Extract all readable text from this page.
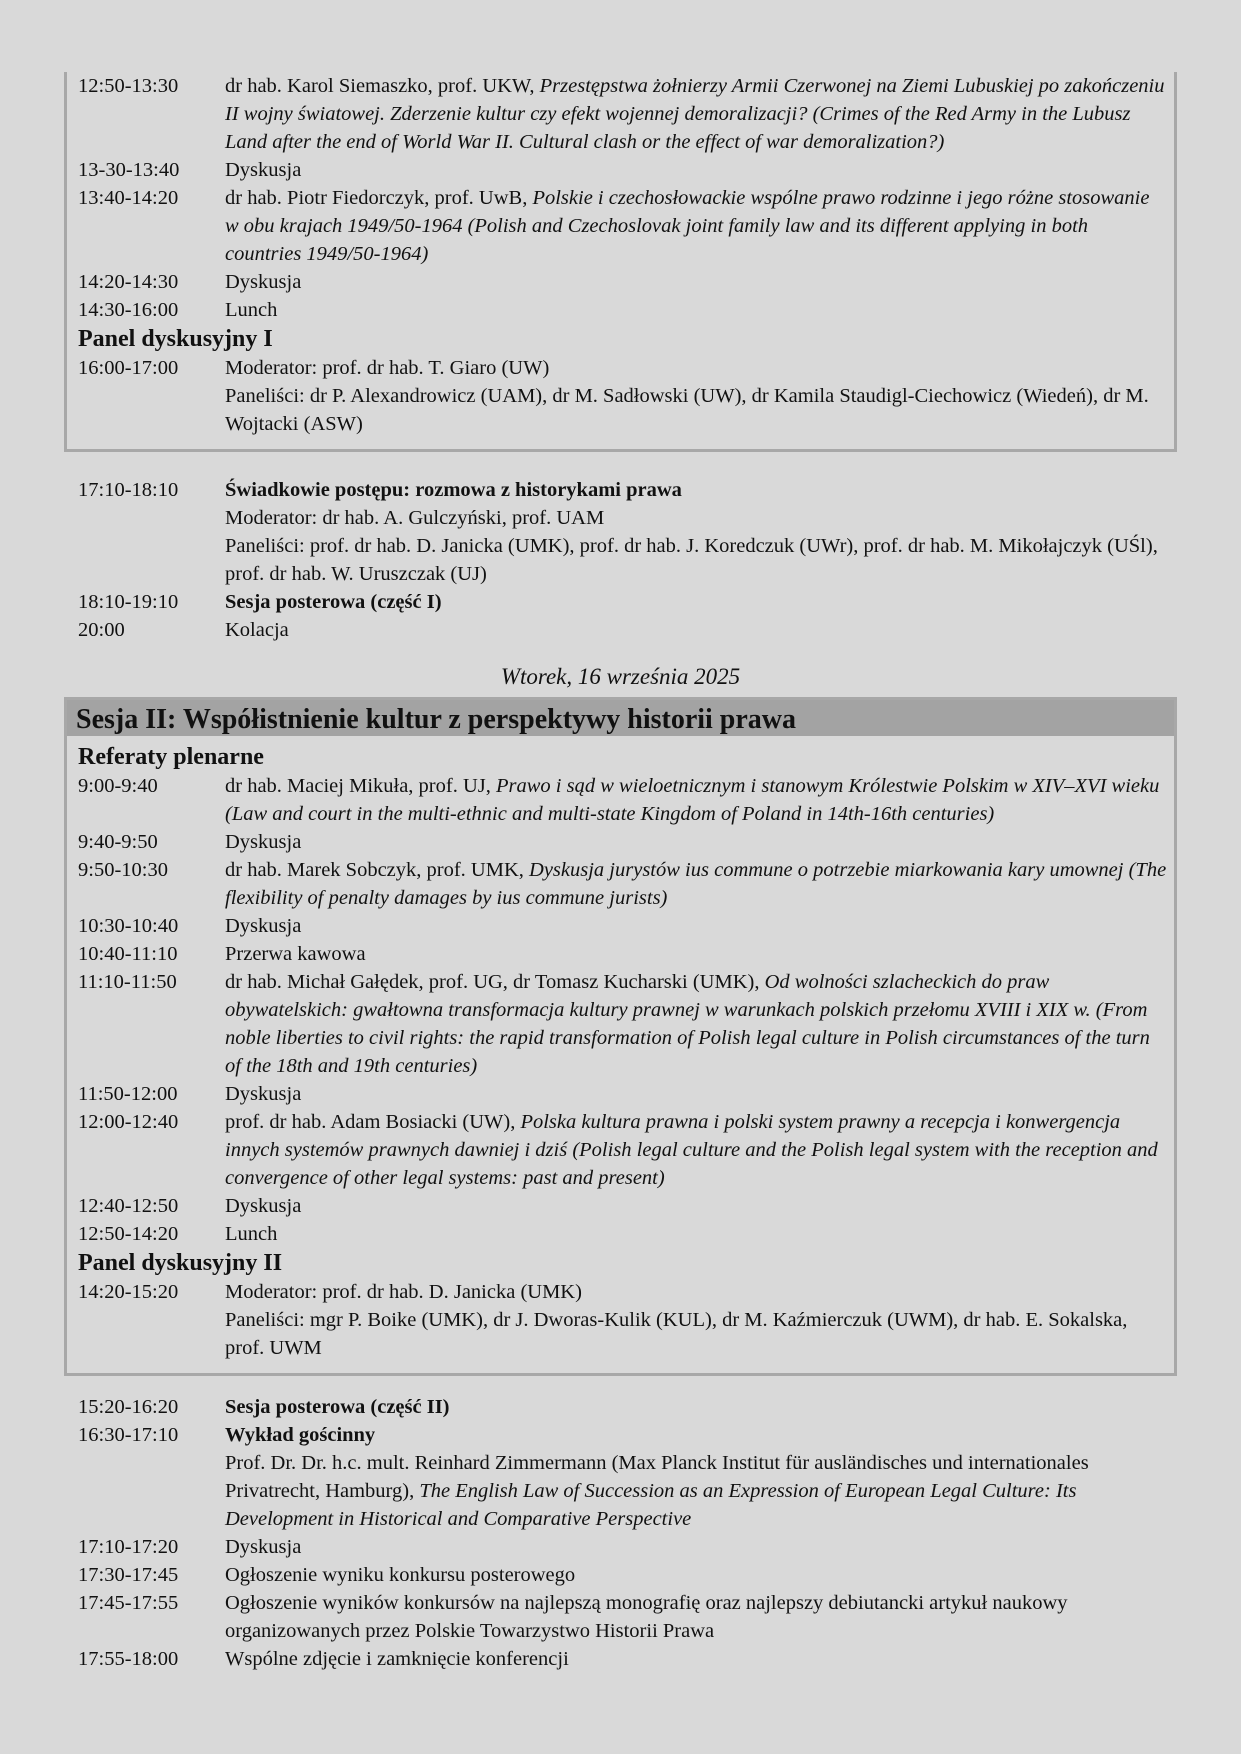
12:50-13:30	dr hab. Karol Siemaszko, prof. UKW, Przestępstwa żołnierzy Armii Czerwonej na Ziemi Lubuskiej po zakończeniu II wojny światowej. Zderzenie kultur czy efekt wojennej demoralizacji? (Crimes of the Red Army in the Lubusz Land after the end of World War II. Cultural clash or the effect of war demoralization?)
13-30-13:40	Dyskusja
13:40-14:20	dr hab. Piotr Fiedorczyk, prof. UwB, Polskie i czechosłowackie wspólne prawo rodzinne i jego różne stosowanie w obu krajach 1949/50-1964 (Polish and Czechoslovak joint family law and its different applying in both countries 1949/50-1964)
14:20-14:30	Dyskusja
14:30-16:00	Lunch
Panel dyskusyjny I
16:00-17:00	Moderator: prof. dr hab. T. Giaro (UW)
Paneliści: dr P. Alexandrowicz (UAM), dr M. Sadłowski (UW), dr Kamila Staudigl-Ciechowicz (Wiedeń), dr M. Wojtacki (ASW)
17:10-18:10	Świadkowie postępu: rozmowa z historykami prawa
Moderator: dr hab. A. Gulczyński, prof. UAM
Paneliści: prof. dr hab. D. Janicka (UMK), prof. dr hab. J. Koredczuk (UWr), prof. dr hab. M. Mikołajczyk (UŚl), prof. dr hab. W. Uruszczak (UJ)
18:10-19:10	Sesja posterowa (część I)
20:00	Kolacja
Wtorek, 16 września 2025
Sesja II: Współistnienie kultur z perspektywy historii prawa
Referaty plenarne
9:00-9:40	dr hab. Maciej Mikuła, prof. UJ, Prawo i sąd w wieloetnicznym i stanowym Królestwie Polskim w XIV–XVI wieku (Law and court in the multi-ethnic and multi-state Kingdom of Poland in 14th-16th centuries)
9:40-9:50	Dyskusja
9:50-10:30	dr hab. Marek Sobczyk, prof. UMK, Dyskusja jurystów ius commune o potrzebie miarkowania kary umownej (The flexibility of penalty damages by ius commune jurists)
10:30-10:40	Dyskusja
10:40-11:10	Przerwa kawowa
11:10-11:50	dr hab. Michał Gałędek, prof. UG, dr Tomasz Kucharski (UMK), Od wolności szlacheckich do praw obywatelskich: gwałtowna transformacja kultury prawnej w warunkach polskich przełomu XVIII i XIX w. (From noble liberties to civil rights: the rapid transformation of Polish legal culture in Polish circumstances of the turn of the 18th and 19th centuries)
11:50-12:00	Dyskusja
12:00-12:40	prof. dr hab. Adam Bosiacki (UW), Polska kultura prawna i polski system prawny a recepcja i konwergencja innych systemów prawnych dawniej i dziś (Polish legal culture and the Polish legal system with the reception and convergence of other legal systems: past and present)
12:40-12:50	Dyskusja
12:50-14:20	Lunch
Panel dyskusyjny II
14:20-15:20	Moderator: prof. dr hab. D. Janicka (UMK)
Paneliści: mgr P. Boike (UMK), dr J. Dworas-Kulik (KUL), dr M. Kaźmierczuk (UWM), dr hab. E. Sokalska, prof. UWM
15:20-16:20	Sesja posterowa (część II)
16:30-17:10	Wykład gościnny
Prof. Dr. Dr. h.c. mult. Reinhard Zimmermann (Max Planck Institut für ausländisches und internationales Privatrecht, Hamburg), The English Law of Succession as an Expression of European Legal Culture: Its Development in Historical and Comparative Perspective
17:10-17:20	Dyskusja
17:30-17:45	Ogłoszenie wyniku konkursu posterowego
17:45-17:55	Ogłoszenie wyników konkursów na najlepszą monografię oraz najlepszy debiutancki artykuł naukowy organizowanych przez Polskie Towarzystwo Historii Prawa
17:55-18:00	Wspólne zdjęcie i zamknięcie konferencji
